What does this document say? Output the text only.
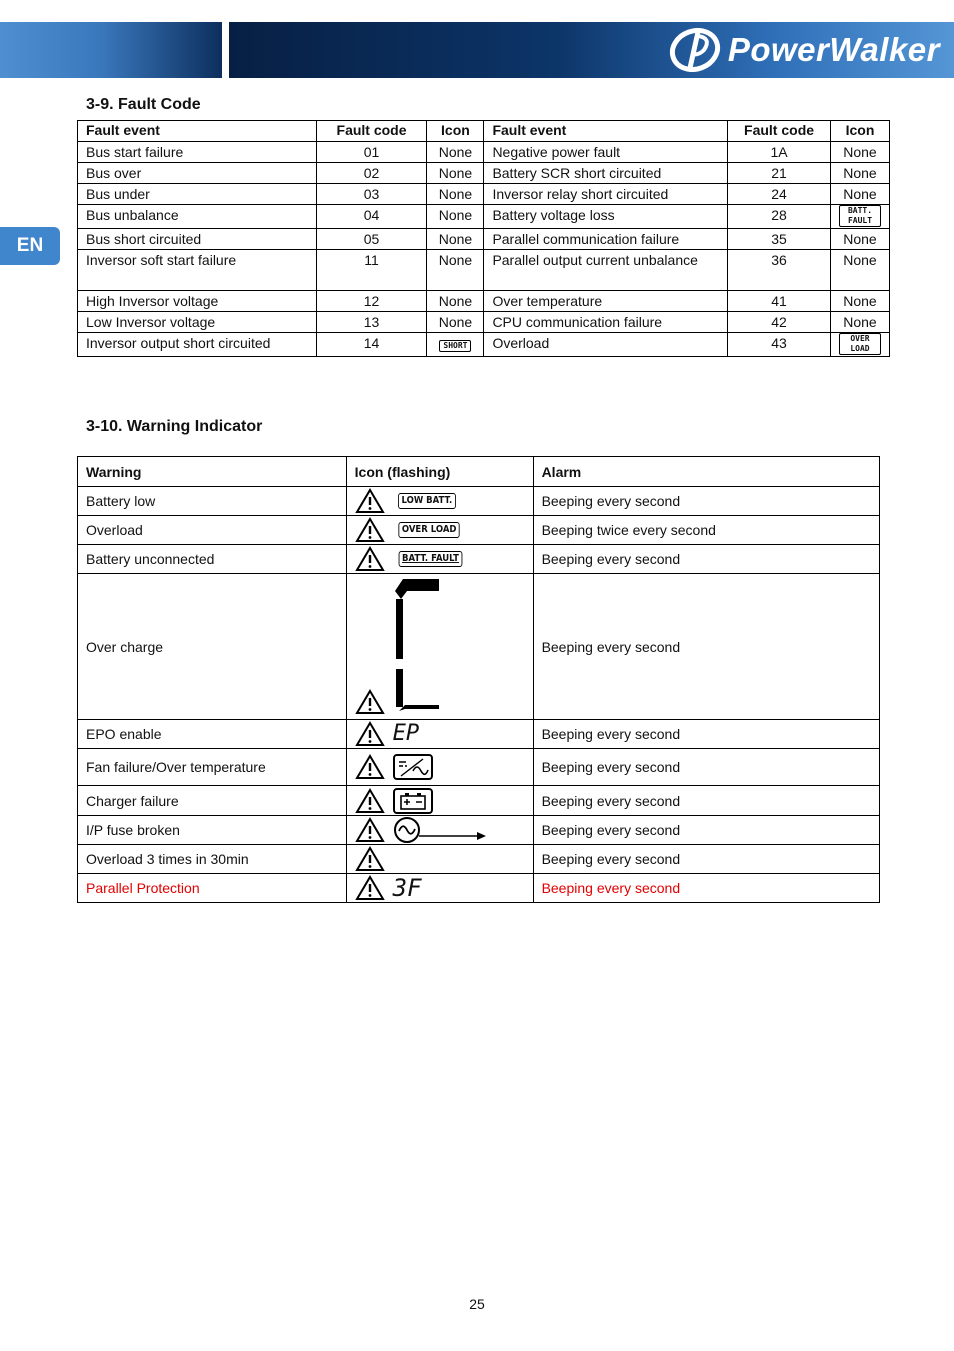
PowerWalker
EN
3-9. Fault Code
Fault event	Fault code	Icon	Fault event	Fault code	Icon
Bus start failure	01	None	Negative power fault	1A	None
Bus over	02	None	Battery SCR short circuited	21	None
Bus under	03	None	Inversor relay short circuited	24	None
Bus unbalance	04	None	Battery voltage loss	28	BATT. FAULT
Bus short circuited	05	None	Parallel communication failure	35	None
Inversor soft start failure	11	None	Parallel output current unbalance	36	None
High Inversor voltage	12	None	Over temperature	41	None
Low Inversor voltage	13	None	CPU communication failure	42	None
Inversor output short circuited	14	SHORT	Overload	43	OVER LOAD
3-10. Warning Indicator
Warning	Icon (flashing)	Alarm
Battery low	LOW BATT.	Beeping every second
Overload	OVER LOAD	Beeping twice every second
Battery unconnected	BATT. FAULT	Beeping every second
Over charge		Beeping every second
EPO enable	EP	Beeping every second
Fan failure/Over temperature		Beeping every second
Charger failure		Beeping every second
I/P fuse broken		Beeping every second
Overload 3 times in 30min		Beeping every second
Parallel Protection	3F	Beeping every second
25
